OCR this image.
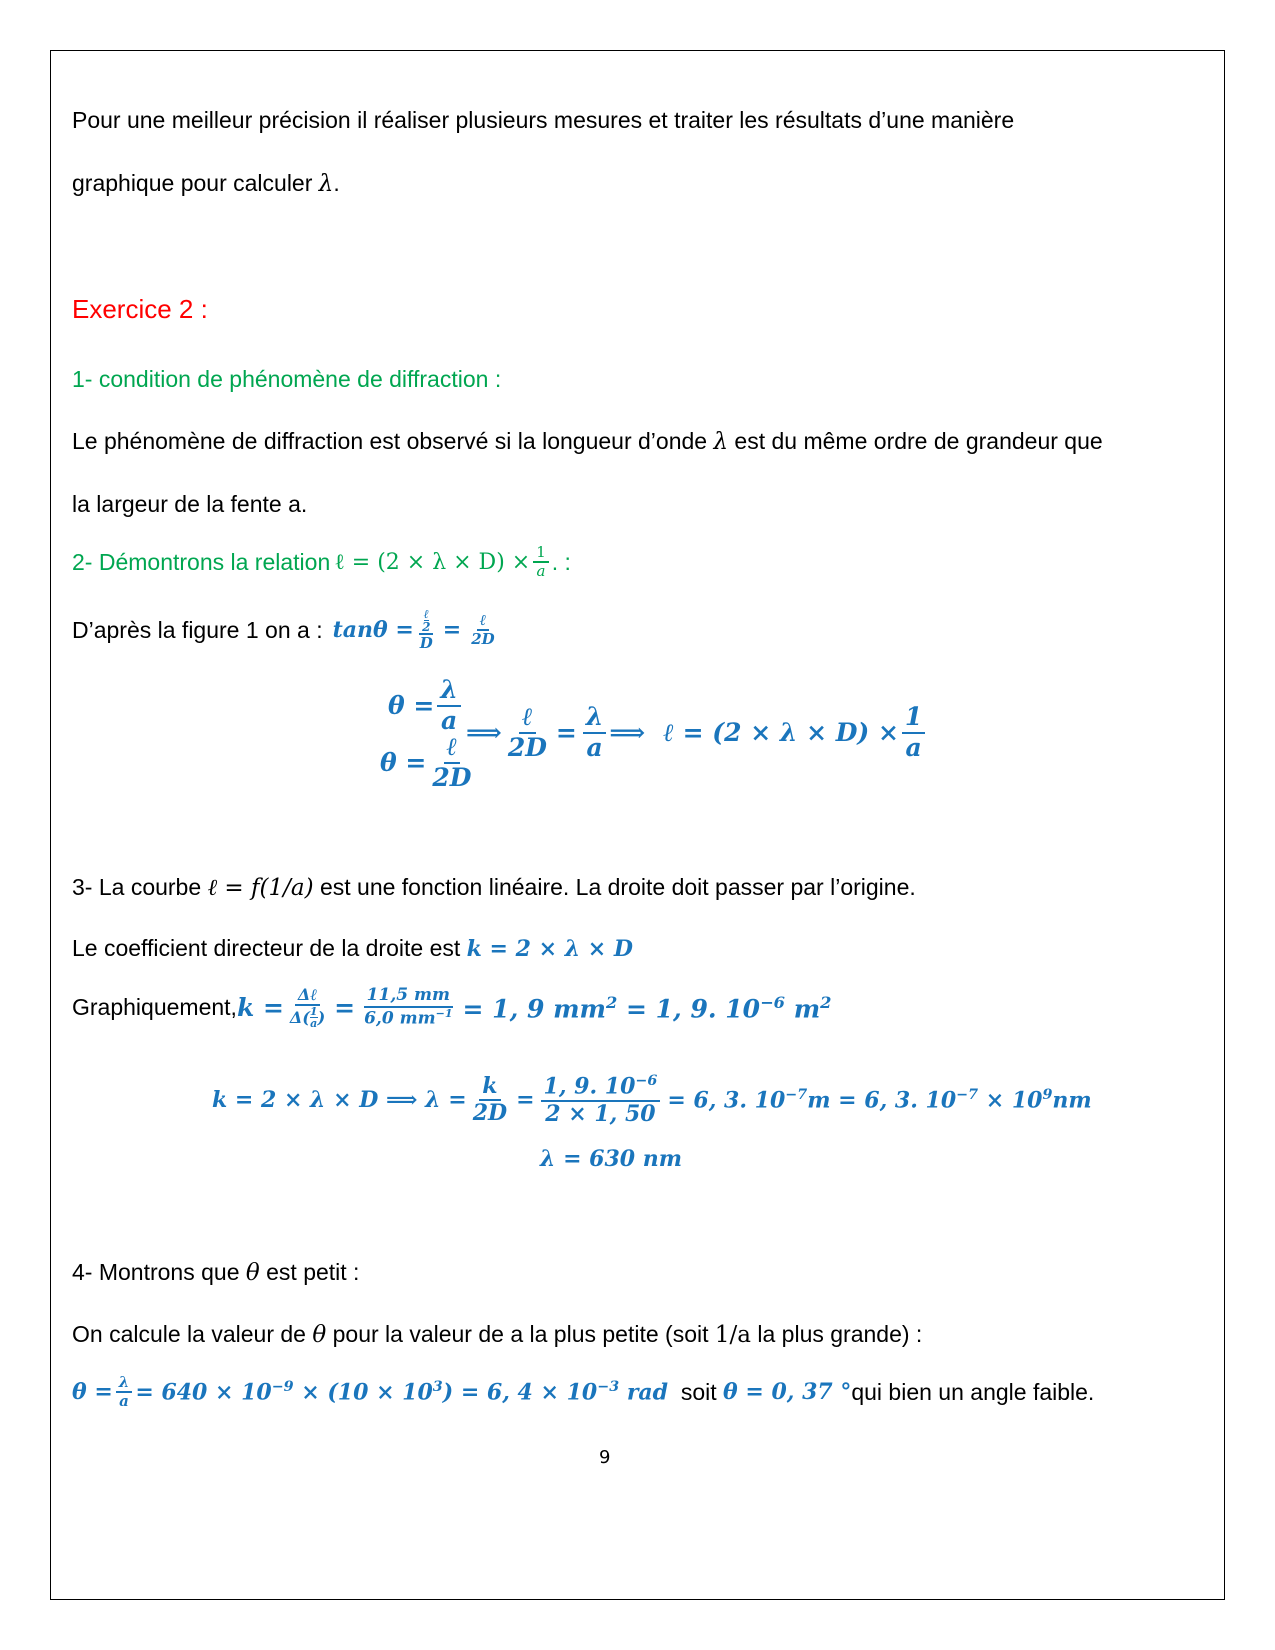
Pour une meilleur précision il réaliser plusieurs mesures et traiter les résultats d’une manière
graphique pour calculer λ.
Exercice 2 :
1- condition de phénomène de diffraction :
Le phénomène de diffraction est observé si la longueur d’onde λ est du même ordre de grandeur que
la largeur de la fente a.
2- Démontrons la relation ℓ = $(2 \times \lambda \times D) \times \frac{1}{a}$ . :
D’après la figure 1 on a : tanθ = ℓ
2
$D = \frac{\text{ℓ}}{2D}$
$\theta = \frac{\lambda}{a}$
$\theta = \frac{\text{ℓ}}{2D}$
⟹ $\frac{\text{ℓ}}{2D} = \frac{\lambda}{a}$ ⟹ ℓ = $(2 \times \lambda \times D) \times \frac{1}{a}$
3- La courbe ℓ = f(1/a) est une fonction linéaire. La droite doit passer par l’origine.
Le coefficient directeur de la droite est k = 2 × λ × D
Graphiquement, k = Δℓ
Δ( 1
a ) = $\frac{11,5 mm}{6,0 mm^{-1}} = 1$, 9 $mm^2 = 1$, 9. $10^{-6}$ $m^2$
k = 2 × λ × D ⟹ $\lambda = \frac{k}{2D} = \frac{1, 9. 10^{-6}}{2 \times 1, 50} = 6$, 3. $10^{-7}m = 6$, 3. $10^{-7} \times 10^9nm$
λ = 630 nm
4- Montrons que θ est petit :
On calcule la valeur de θ pour la valeur de a la plus petite (soit 1/a la plus grande) :
$\theta = \frac{\lambda}{a} = 640 \times 10^{-9} \times (10 \times 10^3) = 6$, $4 \times 10^{-3}$ rad soit θ = 0, 37 ° qui bien un angle faible.
9
